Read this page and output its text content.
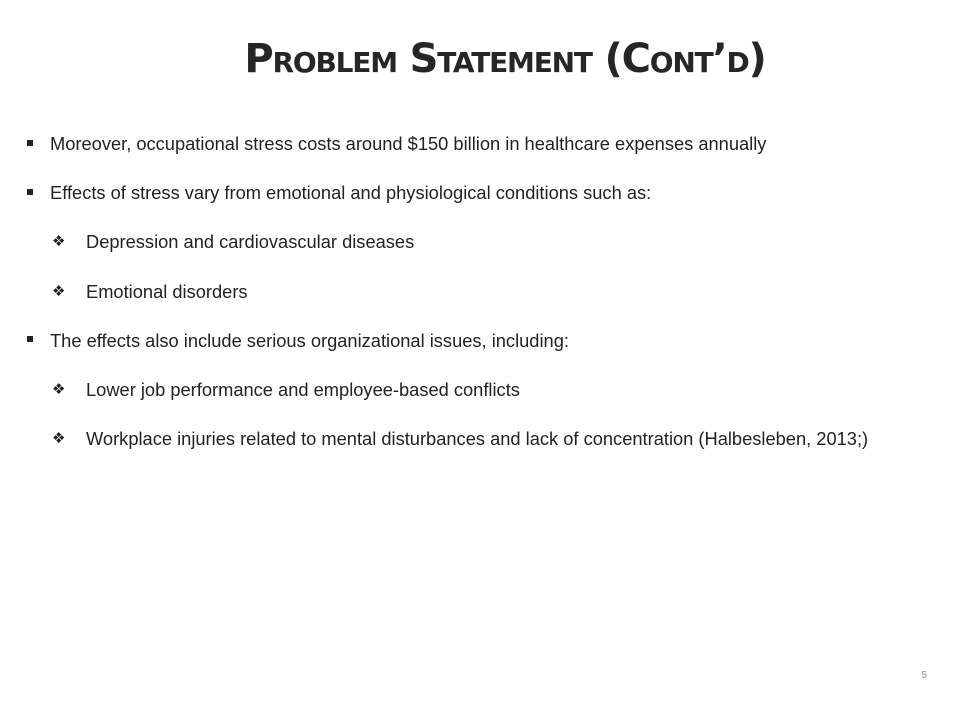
Problem Statement (Cont’d)
Moreover, occupational stress costs around $150 billion in healthcare expenses annually
Effects of stress vary from emotional and physiological conditions such as:
❖ Depression and cardiovascular diseases
❖ Emotional disorders
The effects also include serious organizational issues, including:
❖ Lower job performance and employee-based conflicts
❖ Workplace injuries related to mental disturbances and lack of concentration (Halbesleben, 2013;)
5
